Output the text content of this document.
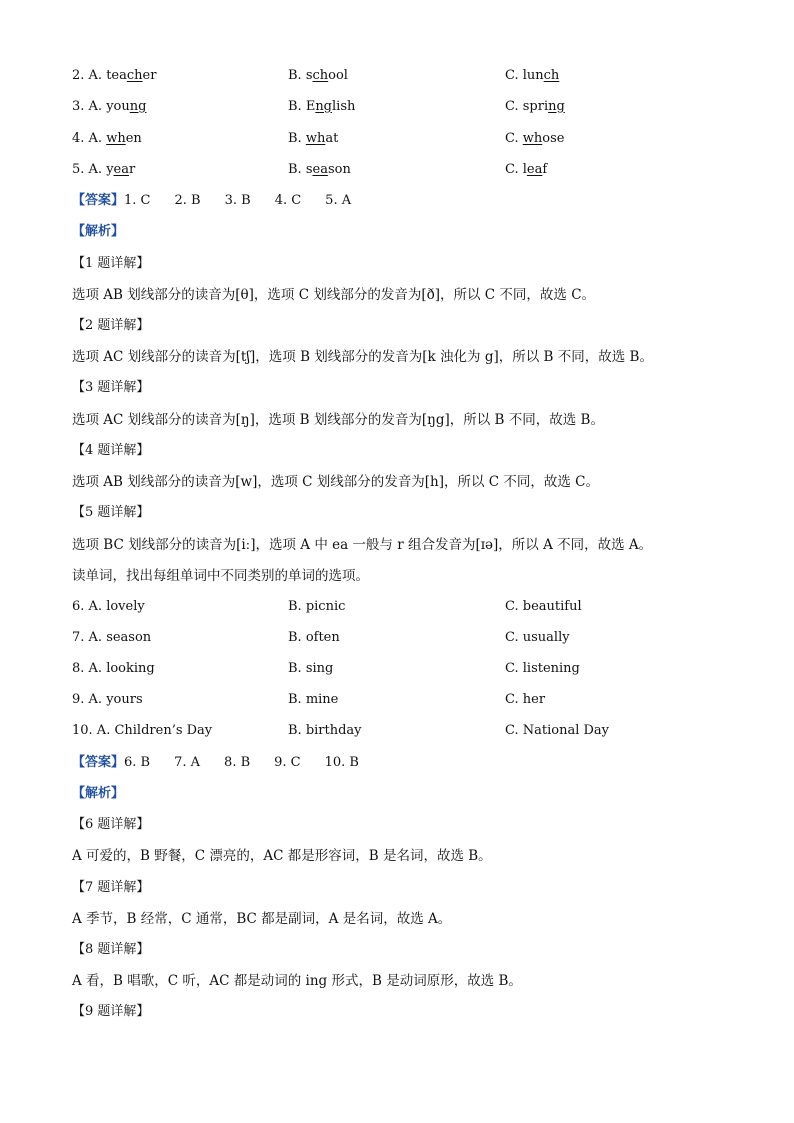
2. A. teacher	B. school	C. lunch
3. A. young	B. English	C. spring
4. A. when	B. what	C. whose
5. A. year	B. season	C. leaf
【答案】1. C 2. B 3. B 4. C 5. A
【解析】
【1 题详解】
选项 AB 划线部分的读音为[θ]，选项 C 划线部分的发音为[ð]，所以 C 不同，故选 C。
【2 题详解】
选项 AC 划线部分的读音为[tʃ]，选项 B 划线部分的发音为[k 浊化为 g]，所以 B 不同，故选 B。
【3 题详解】
选项 AC 划线部分的读音为[ŋ]，选项 B 划线部分的发音为[ŋg]，所以 B 不同，故选 B。
【4 题详解】
选项 AB 划线部分的读音为[w]，选项 C 划线部分的发音为[h]，所以 C 不同，故选 C。
【5 题详解】
选项 BC 划线部分的读音为[iː]，选项 A 中 ea 一般与 r 组合发音为[ɪə]，所以 A 不同，故选 A。
读单词，找出每组单词中不同类别的单词的选项。
6. A. lovely	B. picnic	C. beautiful
7. A. season	B. often	C. usually
8. A. looking	B. sing	C. listening
9. A. yours	B. mine	C. her
10. A. Children’s Day	B. birthday	C. National Day
【答案】6. B 7. A 8. B 9. C 10. B
【解析】
【6 题详解】
A 可爱的，B 野餐，C 漂亮的，AC 都是形容词，B 是名词，故选 B。
【7 题详解】
A 季节，B 经常，C 通常，BC 都是副词，A 是名词，故选 A。
【8 题详解】
A 看，B 唱歌，C 听，AC 都是动词的 ing 形式，B 是动词原形，故选 B。
【9 题详解】
